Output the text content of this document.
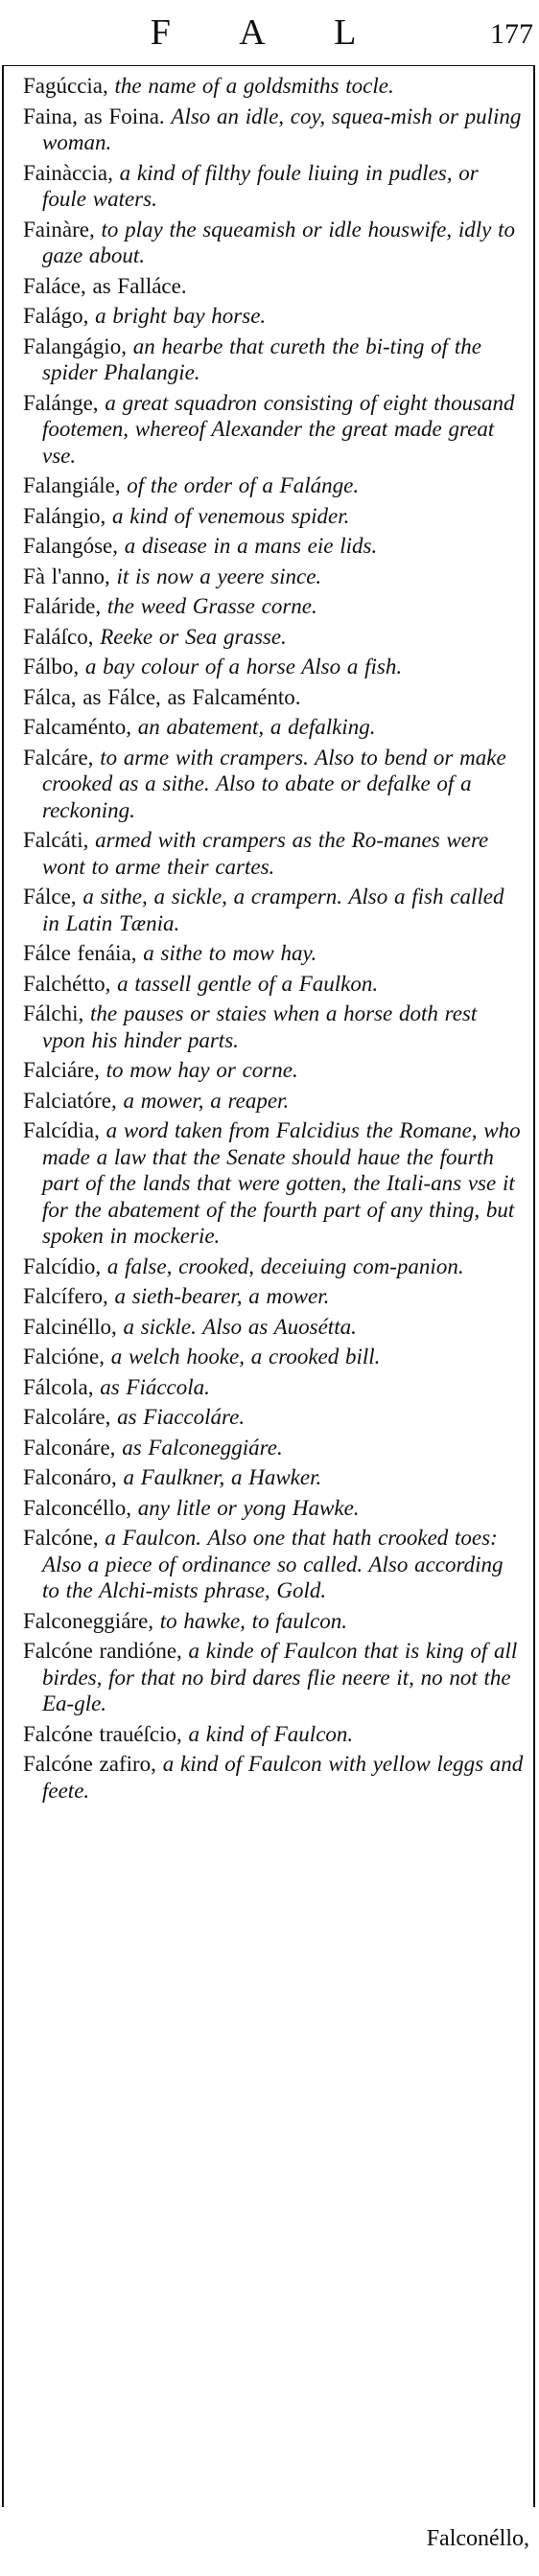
F A L	177

Fagúccia, the name of a goldsmiths tocle.

Faina, as Foina. Also an idle, coy, squea-mish or puling woman.

Fainàccia, a kind of filthy foule liuing in pudles, or foule waters.

Fainàre, to play the squeamish or idle houswife, idly to gaze about.

Faláce, as Falláce.

Falágo, a bright bay horse.

Falangágio, an hearbe that cureth the bi-ting of the spider Phalangie.

Falánge, a great squadron consisting of eight thousand footemen, whereof Alexander the great made great vse.

Falangiále, of the order of a Falánge.

Falángio, a kind of venemous spider.

Falangóse, a disease in a mans eie lids.

Fà l'anno, it is now a yeere since.

Faláride, the weed Grasse corne.

Faláſco, Reeke or Sea grasse.

Fálbo, a bay colour of a horse Also a fish.

Fálca, as Fálce, as Falcaménto.

Falcaménto, an abatement, a defalking.

Falcáre, to arme with crampers. Also to bend or make crooked as a sithe. Also to abate or defalke of a reckoning.

Falcáti, armed with crampers as the Ro-manes were wont to arme their cartes.

Fálce, a sithe, a sickle, a crampern. Also a fish called in Latin Tænia.

Fálce fenáia, a sithe to mow hay.

Falchétto, a tassell gentle of a Faulkon.

Fálchi, the pauses or staies when a horse doth rest vpon his hinder parts.

Falciáre, to mow hay or corne.

Falciatóre, a mower, a reaper.

Falcídia, a word taken from Falcidius the Romane, who made a law that the Senate should haue the fourth part of the lands that were gotten, the Itali-ans vse it for the abatement of the fourth part of any thing, but spoken in mockerie.

Falcídio, a false, crooked, deceiuing com-panion.

Falcífero, a sieth-bearer, a mower.

Falcinéllo, a sickle. Also as Auosétta.

Falcióne, a welch hooke, a crooked bill.

Fálcola, as Fiáccola.

Falcoláre, as Fiaccoláre.

Falconáre, as Falconeggiáre.

Falconáro, a Faulkner, a Hawker.

Falconcéllo, any litle or yong Hawke.

Falcóne, a Faulcon. Also one that hath crooked toes: Also a piece of ordinance so called. Also according to the Alchi-mists phrase, Gold.

Falconeggiáre, to hawke, to faulcon.

Falcóne randióne, a kinde of Faulcon that is king of all birdes, for that no bird dares flie neere it, no not the Ea-gle.

Falcóne trauéſcio, a kind of Faulcon.

Falcóne zafiro, a kind of Faulcon with yellow leggs and feete.

Falconéllo,
